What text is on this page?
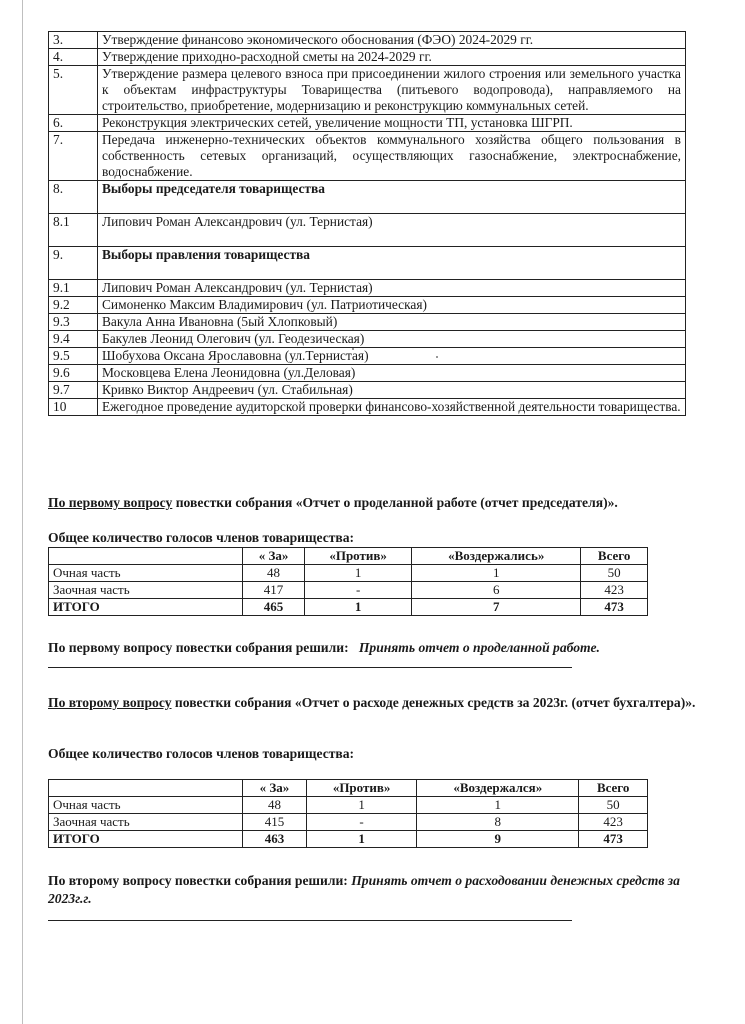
3.	Утверждение финансово экономического обоснования (ФЭО) 2024-2029 гг.
4.	Утверждение приходно-расходной сметы на 2024-2029 гг.
5.	Утверждение размера целевого взноса при присоединении жилого строения или земельного участка к объектам инфраструктуры Товарищества (питьевого водопровода), направляемого на строительство, приобретение, модернизацию и реконструкцию коммунальных сетей.
6.	Реконструкция электрических сетей, увеличение мощности ТП, установка ШГРП.
7.	Передача инженерно-технических объектов коммунального хозяйства общего пользования в собственность сетевых организаций, осуществляющих газоснабжение, электроснабжение, водоснабжение.
8.	Выборы председателя товарищества
8.1	Липович Роман Александрович (ул. Тернистая)
9.	Выборы правления товарищества
9.1	Липович Роман Александрович (ул. Тернистая)
9.2	Симоненко Максим Владимирович (ул. Патриотическая)
9.3	Вакула Анна Ивановна (5ый Хлопковый)
9.4	Бакулев Леонид Олегович (ул. Геодезическая)
9.5	Шобухова Оксана Ярославовна (ул.Тернистая)
9.6	Московцева Елена Леонидовна (ул.Деловая)
9.7	Кривко Виктор Андреевич (ул. Стабильная)
10	Ежегодное проведение аудиторской проверки финансово-хозяйственной деятельности товарищества.
По первому вопросу повестки собрания «Отчет о проделанной работе (отчет председателя)».
Общее количество голосов членов товарищества:
	« За»	«Против»	«Воздержались»	Всего
Очная часть	48	1	1	50
Заочная часть	417	-	6	423
ИТОГО	465	1	7	473
По первому вопросу повестки собрания решили: Принять отчет о проделанной работе.
По второму вопросу повестки собрания «Отчет о расходе денежных средств за 2023г. (отчет бухгалтера)».
Общее количество голосов членов товарищества:
	« За»	«Против»	«Воздержался»	Всего
Очная часть	48	1	1	50
Заочная часть	415	-	8	423
ИТОГО	463	1	9	473
По второму вопросу повестки собрания решили: Принять отчет о расходовании денежных средств за 2023г.г.
